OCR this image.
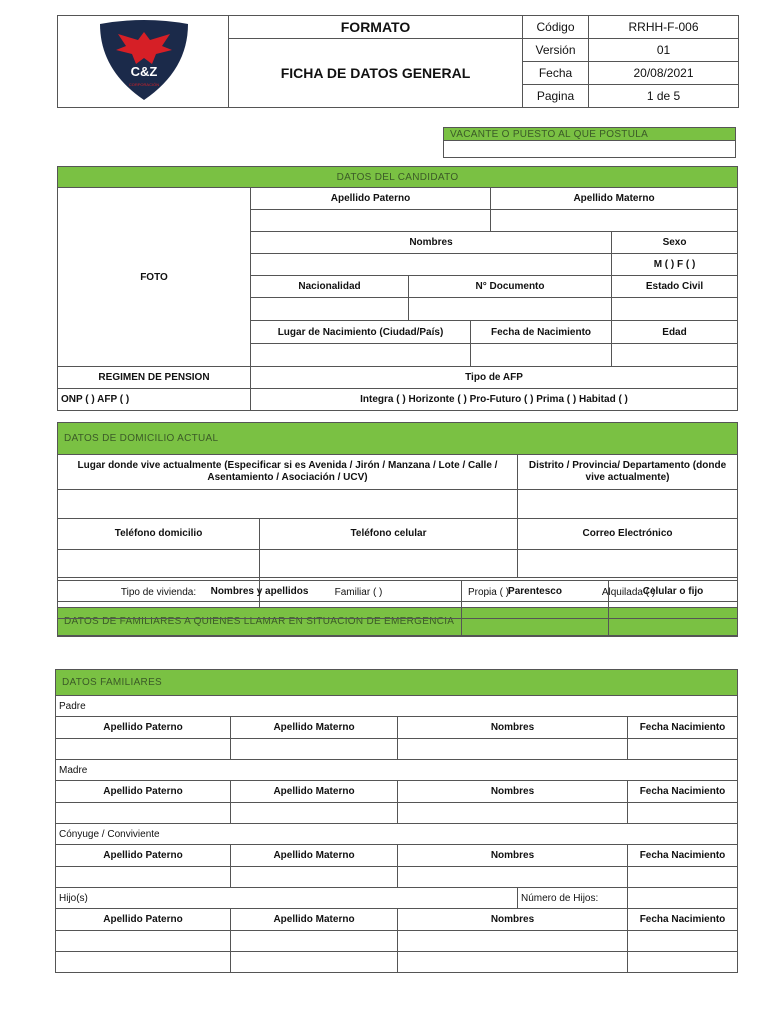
C&Z
CORPORACIÓN
	FORMATO	Código	RRHH-F-006
	FICHA DE DATOS GENERAL	Versión	01
		Fecha	20/08/2021
		Pagina	1 de 5
VACANTE O PUESTO AL QUE POSTULA

DATOS DEL CANDIDATO					
FOTO	Apellido Paterno			Apellido Materno	

	Nombres				Sexo
					M ( ) F ( )
	Nacionalidad	N° Documento			Estado Civil

	Lugar de Nacimiento (Ciudad/País)		Fecha de Nacimiento		Edad

REGIMEN DE PENSION	Tipo de AFP				
ONP ( ) AFP ( )	Integra ( ) Horizonte ( ) Pro-Futuro ( ) Prima ( ) Habitad ( )				
DATOS DE DOMICILIO ACTUAL		
Lugar donde vive actualmente (Especificar si es Avenida / Jirón / Manzana / Lote / Calle / Asentamiento / Asociación / UCV)		Distrito / Provincia/ Departamento (donde vive actualmente)

Teléfono domicilio	Teléfono celular	Correo Electrónico

Tipo de vivienda:	Familiar ( ) Propia ( ) Alquilada ( )	
DATOS DE FAMILIARES A QUIENES LLAMAR EN SITUACION DE EMERGENCIA		
Nombres y apellidos	Parentesco	Celular o fijo

DATOS FAMILIARES				
Padre				
Apellido Paterno	Apellido Materno	Nombres		Fecha Nacimiento

Madre				
Apellido Paterno	Apellido Materno	Nombres		Fecha Nacimiento

Cónyuge / Conviviente				
Apellido Paterno	Apellido Materno	Nombres		Fecha Nacimiento

Hijo(s)			Número de Hijos:	
Apellido Paterno	Apellido Materno	Nombres		Fecha Nacimiento
